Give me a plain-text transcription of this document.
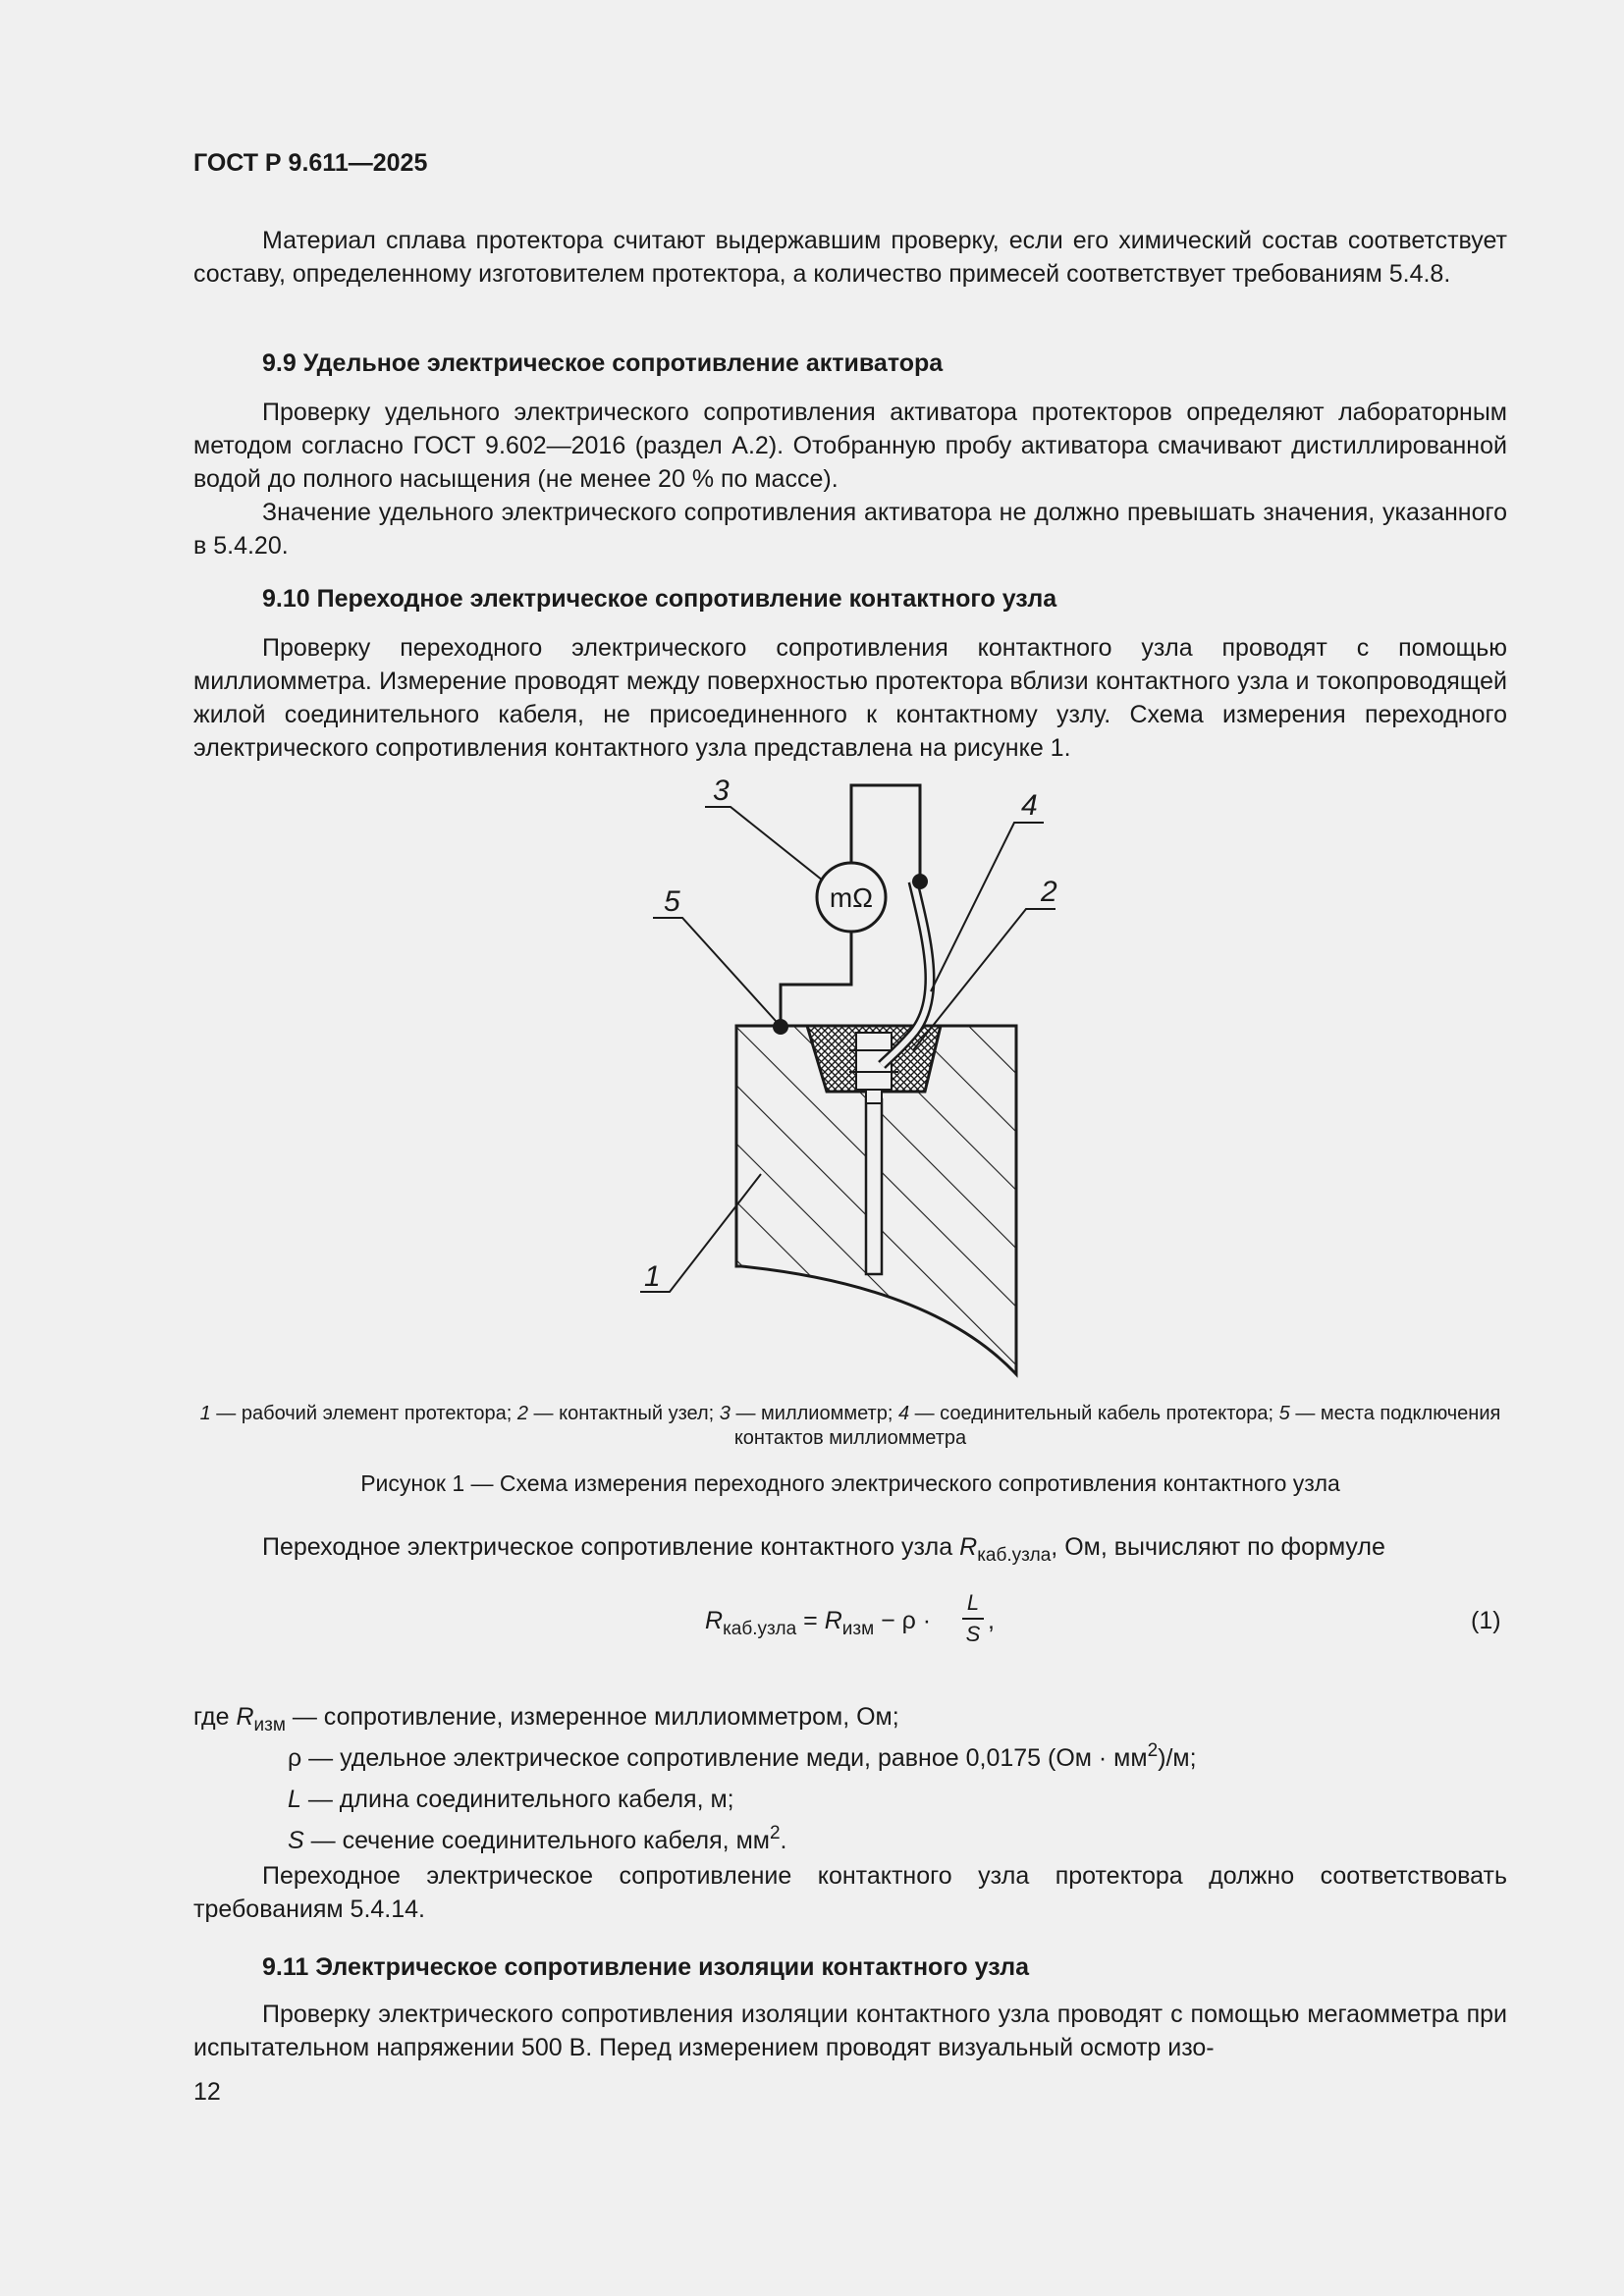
ГОСТ Р 9.611—2025

Материал сплава протектора считают выдержавшим проверку, если его химический состав соответствует составу, определенному изготовителем протектора, а количество примесей соответствует требованиям 5.4.8.

9.9 Удельное электрическое сопротивление активатора

Проверку удельного электрического сопротивления активатора протекторов определяют лабораторным методом согласно ГОСТ 9.602—2016 (раздел А.2). Отобранную пробу активатора смачивают дистиллированной водой до полного насыщения (не менее 20 % по массе).

Значение удельного электрического сопротивления активатора не должно превышать значения, указанного в 5.4.20.

9.10 Переходное электрическое сопротивление контактного узла

Проверку переходного электрического сопротивления контактного узла проводят с помощью миллиомметра. Измерение проводят между поверхностью протектора вблизи контактного узла и токопроводящей жилой соединительного кабеля, не присоединенного к контактному узлу. Схема измерения переходного электрического сопротивления контактного узла представлена на рисунке 1.

mΩ
3	4
2
5
1
1 — рабочий элемент протектора; 2 — контактный узел; 3 — миллиомметр; 4 — соединительный кабель протектора; 5 — места подключения контактов миллиомметра
Рисунок 1 — Схема измерения переходного электрического сопротивления контактного узла

Переходное электрическое сопротивление контактного узла $R_{каб.узла}$, Ом, вычисляют по формуле

$R_{каб.узла} = R_{изм} - \rho$ ·
L
S ,	(1)
где $R_{изм}$ — сопротивление, измеренное миллиомметром, Ом;
ρ — удельное электрическое сопротивление меди, равное 0,0175 $(Ом \cdot мм^2)/м$;
L — длина соединительного кабеля, м;
S — сечение соединительного кабеля, $мм^2$.

Переходное электрическое сопротивление контактного узла протектора должно соответствовать требованиям 5.4.14.

9.11 Электрическое сопротивление изоляции контактного узла

Проверку электрического сопротивления изоляции контактного узла проводят с помощью мегаомметра при испытательном напряжении 500 В. Перед измерением проводят визуальный осмотр изо-

12
